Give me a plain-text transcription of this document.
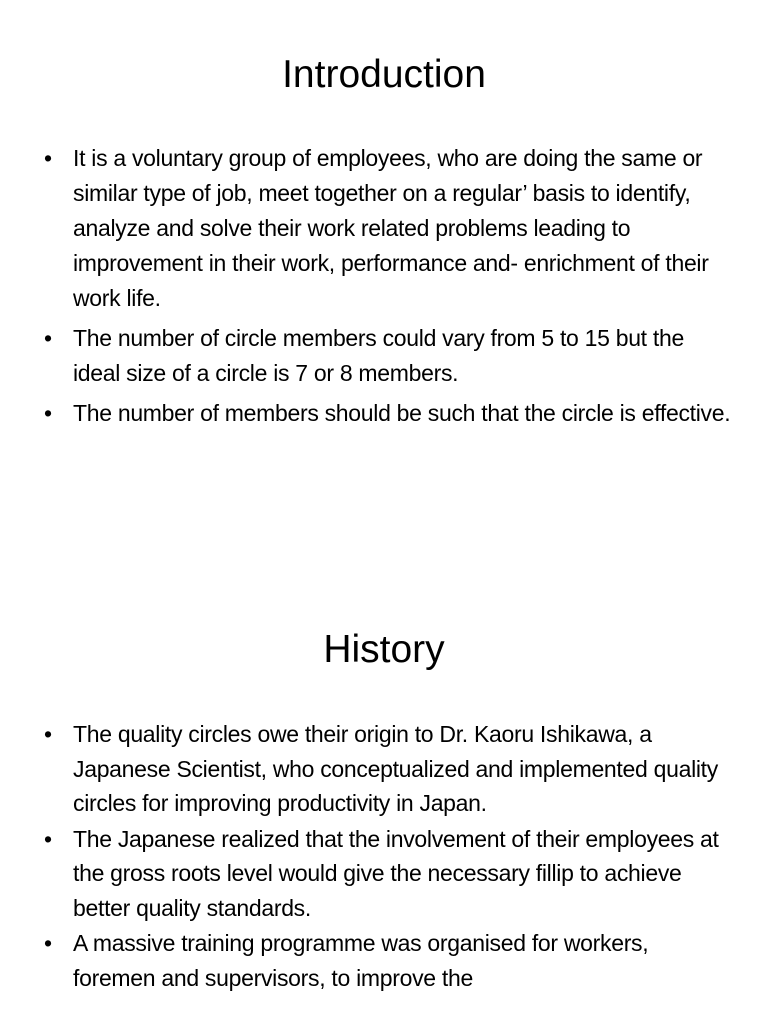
Introduction
• It is a voluntary group of employees, who are doing the same or similar type of job, meet together on a regular’ basis to identify, analyze and solve their work related problems leading to improvement in their work, performance and- enrichment of their work life.
• The number of circle members could vary from 5 to 15 but the ideal size of a circle is 7 or 8 members.
• The number of members should be such that the circle is effective.
History
• The quality circles owe their origin to Dr. Kaoru Ishikawa, a Japanese Scientist, who conceptualized and implemented quality circles for improving productivity in Japan.
• The Japanese realized that the involvement of their employees at the gross roots level would give the necessary fillip to achieve better quality standards.
• A massive training programme was organised for workers, foremen and supervisors, to improve the
